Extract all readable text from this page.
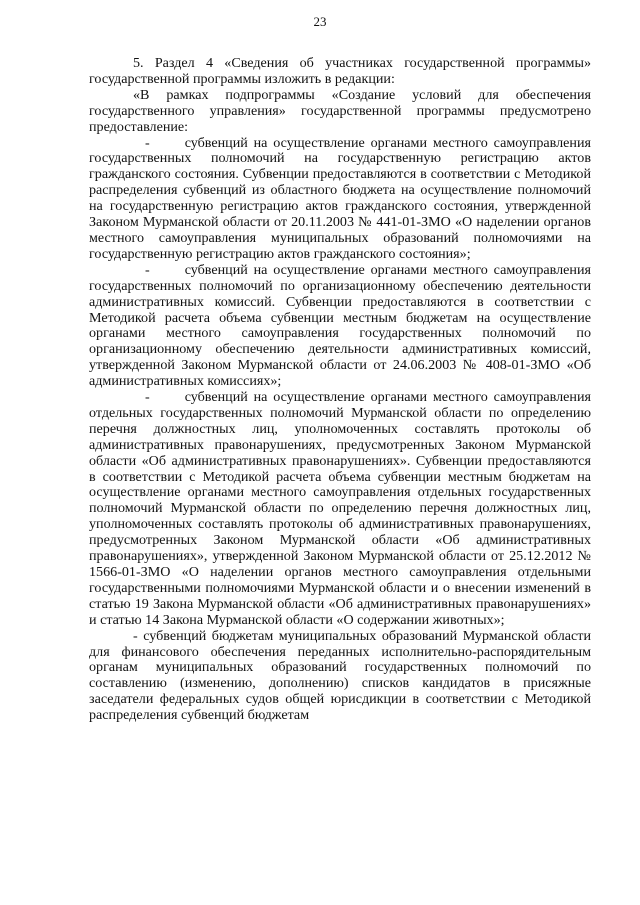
23

5. Раздел 4 «Сведения об участниках государственной программы» государственной программы изложить в редакции:

«В рамках подпрограммы «Создание условий для обеспечения государственного управления» государственной программы предусмотрено предоставление:

-      субвенций на осуществление органами местного самоуправления государственных полномочий на государственную регистрацию актов гражданского состояния. Субвенции предоставляются в соответствии с Методикой распределения субвенций из областного бюджета на осуществление полномочий на государственную регистрацию актов гражданского состояния, утвержденной Законом Мурманской области от 20.11.2003 № 441-01-ЗМО «О наделении органов местного самоуправления муниципальных образований полномочиями на государственную регистрацию актов гражданского состояния»;

-      субвенций на осуществление органами местного самоуправления государственных полномочий по организационному обеспечению деятельности административных комиссий. Субвенции предоставляются в соответствии с Методикой расчета объема субвенции местным бюджетам на осуществление органами местного самоуправления государственных полномочий по организационному обеспечению деятельности административных комиссий, утвержденной Законом Мурманской области от 24.06.2003 № 408-01-ЗМО «Об административных комиссиях»;

-      субвенций на осуществление органами местного самоуправления отдельных государственных полномочий Мурманской области по определению перечня должностных лиц, уполномоченных составлять протоколы об административных правонарушениях, предусмотренных Законом Мурманской области «Об административных правонарушениях». Субвенции предоставляются в соответствии с Методикой расчета объема субвенции местным бюджетам на осуществление органами местного самоуправления отдельных государственных полномочий Мурманской области по определению перечня должностных лиц, уполномоченных составлять протоколы об административных правонарушениях, предусмотренных Законом Мурманской области «Об административных правонарушениях», утвержденной Законом Мурманской области от 25.12.2012 № 1566-01-ЗМО «О наделении органов местного самоуправления отдельными государственными полномочиями Мурманской области и о внесении изменений в статью 19 Закона Мурманской области «Об административных правонарушениях» и статью 14 Закона Мурманской области «О содержании животных»;

- субвенций бюджетам муниципальных образований Мурманской области для финансового обеспечения переданных исполнительно-распорядительным органам муниципальных образований государственных полномочий по составлению (изменению, дополнению) списков кандидатов в присяжные заседатели федеральных судов общей юрисдикции в соответствии с Методикой распределения субвенций бюджетам
